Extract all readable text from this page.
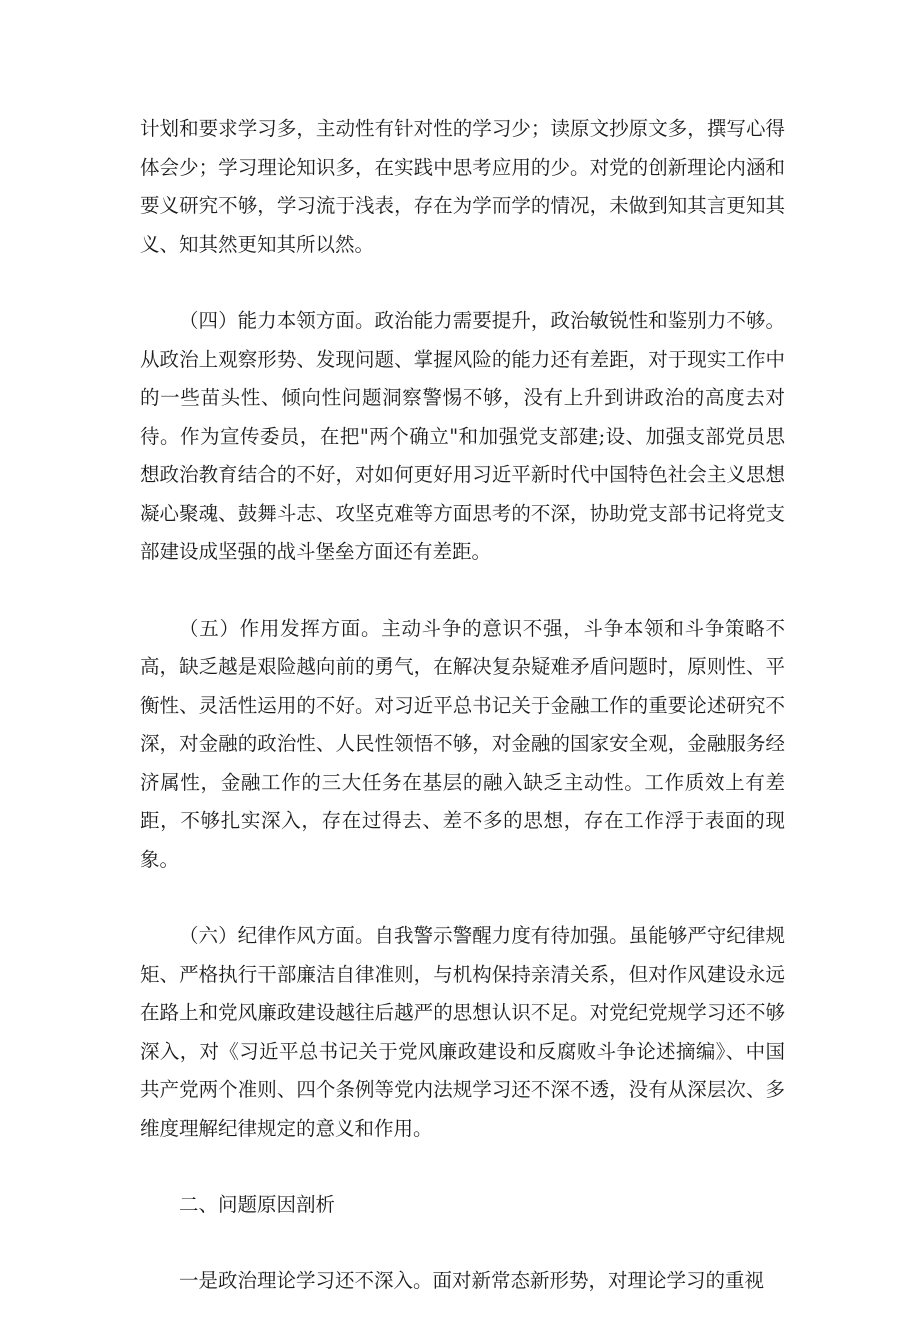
计划和要求学习多，主动性有针对性的学习少；读原文抄原文多，撰写心得体会少；学习理论知识多，在实践中思考应用的少。对党的创新理论内涵和要义研究不够，学习流于浅表，存在为学而学的情况，未做到知其言更知其义、知其然更知其所以然。

（四）能力本领方面。政治能力需要提升，政治敏锐性和鉴别力不够。从政治上观察形势、发现问题、掌握风险的能力还有差距，对于现实工作中的一些苗头性、倾向性问题洞察警惕不够，没有上升到讲政治的高度去对待。作为宣传委员，在把"两个确立"和加强党支部建;设、加强支部党员思想政治教育结合的不好，对如何更好用习近平新时代中国特色社会主义思想凝心聚魂、鼓舞斗志、攻坚克难等方面思考的不深，协助党支部书记将党支部建设成坚强的战斗堡垒方面还有差距。

（五）作用发挥方面。主动斗争的意识不强，斗争本领和斗争策略不高，缺乏越是艰险越向前的勇气，在解决复杂疑难矛盾问题时，原则性、平衡性、灵活性运用的不好。对习近平总书记关于金融工作的重要论述研究不深，对金融的政治性、人民性领悟不够，对金融的国家安全观，金融服务经济属性，金融工作的三大任务在基层的融入缺乏主动性。工作质效上有差距，不够扎实深入，存在过得去、差不多的思想，存在工作浮于表面的现象。

（六）纪律作风方面。自我警示警醒力度有待加强。虽能够严守纪律规矩、严格执行干部廉洁自律准则，与机构保持亲清关系，但对作风建设永远在路上和党风廉政建设越往后越严的思想认识不足。对党纪党规学习还不够深入，对《习近平总书记关于党风廉政建设和反腐败斗争论述摘编》、中国共产党两个准则、四个条例等党内法规学习还不深不透，没有从深层次、多维度理解纪律规定的意义和作用。

二、问题原因剖析

一是政治理论学习还不深入。面对新常态新形势，对理论学习的重视
